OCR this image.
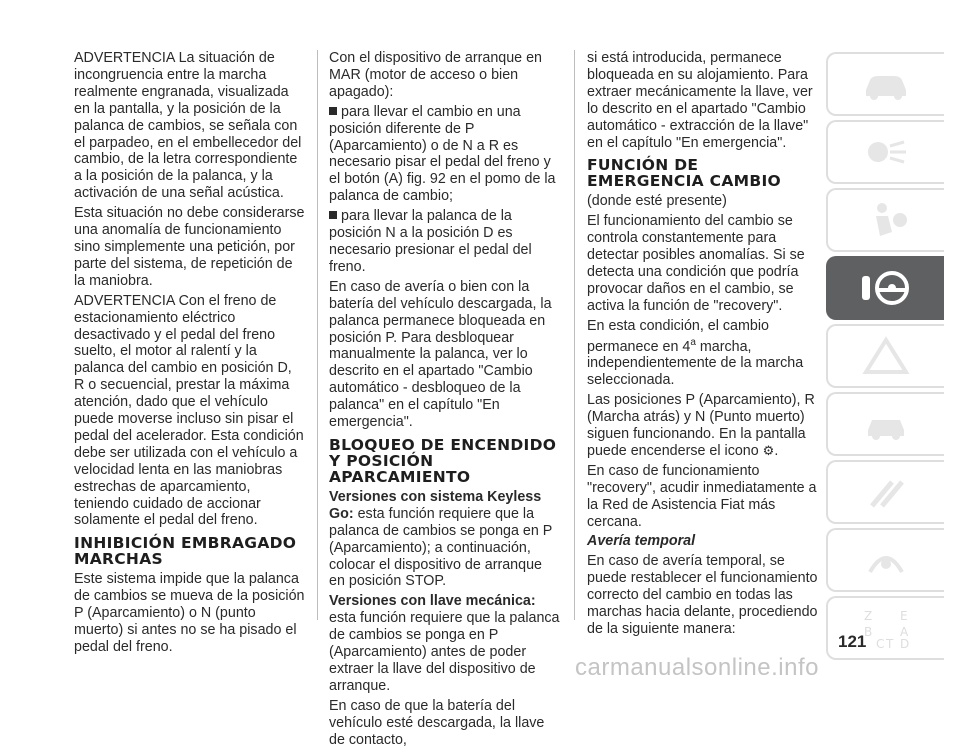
ADVERTENCIA La situación de incongruencia entre la marcha realmente engranada, visualizada en la pantalla, y la posición de la palanca de cambios, se señala con el parpadeo, en el embellecedor del cambio, de la letra correspondiente a la posición de la palanca, y la activación de una señal acústica.

Esta situación no debe considerarse una anomalía de funcionamiento sino simplemente una petición, por parte del sistema, de repetición de la maniobra.

ADVERTENCIA Con el freno de estacionamiento eléctrico desactivado y el pedal del freno suelto, el motor al ralentí y la palanca del cambio en posición D, R o secuencial, prestar la máxima atención, dado que el vehículo puede moverse incluso sin pisar el pedal del acelerador. Esta condición debe ser utilizada con el vehículo a velocidad lenta en las maniobras estrechas de aparcamiento, teniendo cuidado de accionar solamente el pedal del freno.

INHIBICIÓN EMBRAGADO MARCHAS

Este sistema impide que la palanca de cambios se mueva de la posición P (Aparcamiento) o N (punto muerto) si antes no se ha pisado el pedal del freno.

Con el dispositivo de arranque en MAR (motor de acceso o bien apagado):

para llevar el cambio en una posición diferente de P (Aparcamiento) o de N a R es necesario pisar el pedal del freno y el botón (A) fig. 92 en el pomo de la palanca de cambio;

para llevar la palanca de la posición N a la posición D es necesario presionar el pedal del freno.

En caso de avería o bien con la batería del vehículo descargada, la palanca permanece bloqueada en posición P. Para desbloquear manualmente la palanca, ver lo descrito en el apartado "Cambio automático - desbloqueo de la palanca" en el capítulo "En emergencia".

BLOQUEO DE ENCENDIDO Y POSICIÓN APARCAMIENTO

Versiones con sistema Keyless Go: esta función requiere que la palanca de cambios se ponga en P (Aparcamiento); a continuación, colocar el dispositivo de arranque en posición STOP.

Versiones con llave mecánica: esta función requiere que la palanca de cambios se ponga en P (Aparcamiento) antes de poder extraer la llave del dispositivo de arranque.

En caso de que la batería del vehículo esté descargada, la llave de contacto,

si está introducida, permanece bloqueada en su alojamiento. Para extraer mecánicamente la llave, ver lo descrito en el apartado "Cambio automático - extracción de la llave" en el capítulo "En emergencia".

FUNCIÓN DE EMERGENCIA CAMBIO

(donde esté presente)

El funcionamiento del cambio se controla constantemente para detectar posibles anomalías. Si se detecta una condición que podría provocar daños en el cambio, se activa la función de "recovery".

En esta condición, el cambio permanece en 4$^a$ marcha, independientemente de la marcha seleccionada.

Las posiciones P (Aparcamiento), R (Marcha atrás) y N (Punto muerto) siguen funcionando. En la pantalla puede encenderse el icono ⚙.

En caso de funcionamiento "recovery", acudir inmediatamente a la Red de Asistencia Fiat más cercana.

Avería temporal

En caso de avería temporal, se puede restablecer el funcionamiento correcto del cambio en todas las marchas hacia delante, procediendo de la siguiente manera:

Z E
B A
C T D
121
carmanualsonline.info
